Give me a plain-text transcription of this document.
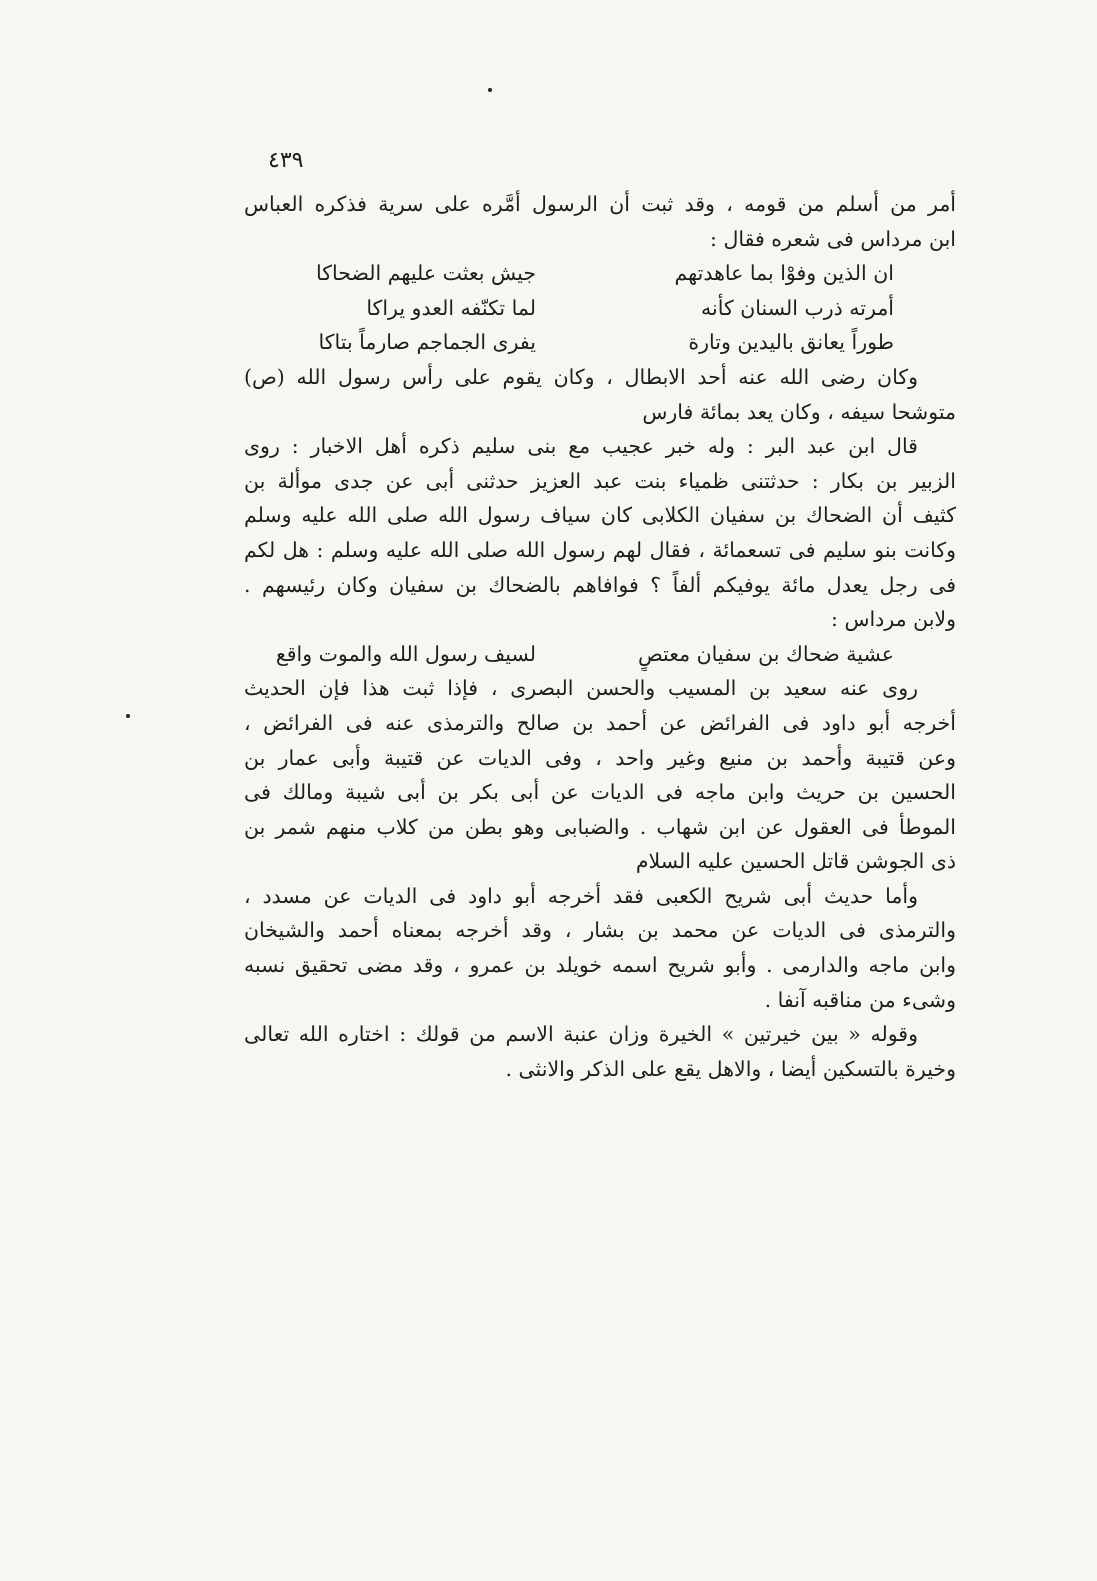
٤٣٩
أمر من أسلم من قومه ، وقد ثبت أن الرسول أمَّره على سرية فذكره العباس
ابن مرداس فى شعره فقال :
ان الذين وفوْا بما عاهدتهم
جيش بعثت عليهم الضحاكا
أمرته ذرب السنان كأنه
لما تكنّفه العدو يراكا
طوراً يعانق باليدين وتارة
يفرى الجماجم صارماً بتاكا
وكان رضى الله عنه أحد الابطال ، وكان يقوم على رأس رسول الله (ص)
متوشحا سيفه ، وكان يعد بمائة فارس
قال ابن عبد البر : وله خبر عجيب مع بنى سليم ذكره أهل الاخبار : روى
الزبير بن بكار : حدثتنى ظمياء بنت عبد العزيز حدثنى أبى عن جدى موألة بن
كثيف أن الضحاك بن سفيان الكلابى كان سياف رسول الله صلى الله عليه وسلم
وكانت بنو سليم فى تسعمائة ، فقال لهم رسول الله صلى الله عليه وسلم : هل لكم
فى رجل يعدل مائة يوفيكم ألفاً ؟ فوافاهم بالضحاك بن سفيان وكان رئيسهم .
ولابن مرداس :
عشية ضحاك بن سفيان معتصٍ
لسيف رسول الله والموت واقع
روى عنه سعيد بن المسيب والحسن البصرى ، فإذا ثبت هذا فإن الحديث
أخرجه أبو داود فى الفرائض عن أحمد بن صالح والترمذى عنه فى الفرائض ،
وعن قتيبة وأحمد بن منيع وغير واحد ، وفى الديات عن قتيبة وأبى عمار بن
الحسين بن حريث وابن ماجه فى الديات عن أبى بكر بن أبى شيبة ومالك فى
الموطأ فى العقول عن ابن شهاب . والضبابى وهو بطن من كلاب منهم شمر بن
ذى الجوشن قاتل الحسين عليه السلام
وأما حديث أبى شريح الكعبى فقد أخرجه أبو داود فى الديات عن مسدد ،
والترمذى فى الديات عن محمد بن بشار ، وقد أخرجه بمعناه أحمد والشيخان
وابن ماجه والدارمى . وأبو شريح اسمه خويلد بن عمرو ، وقد مضى تحقيق نسبه
وشىء من مناقبه آنفا .
وقوله « بين خيرتين » الخيرة وزان عنبة الاسم من قولك : اختاره الله تعالى
وخيرة بالتسكين أيضا ، والاهل يقع على الذكر والانثى .
